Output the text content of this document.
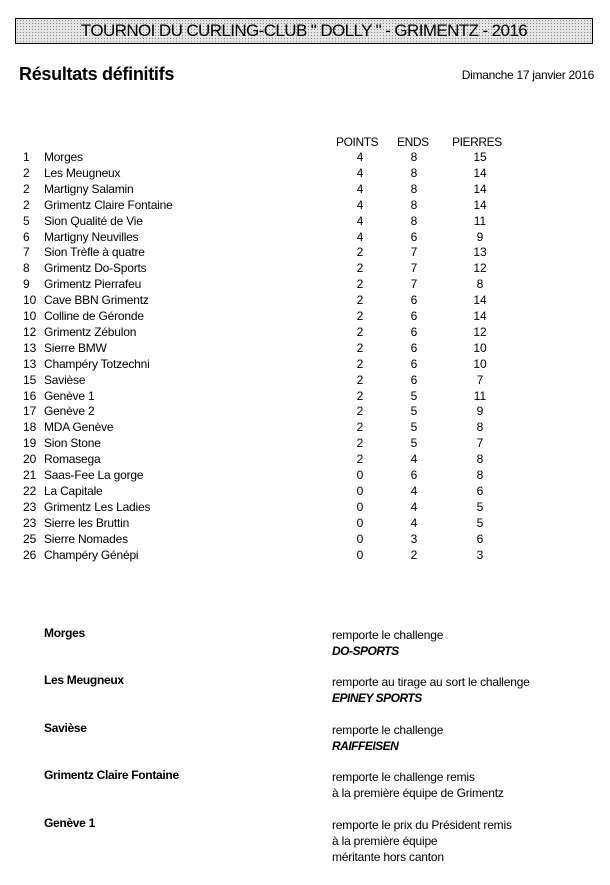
TOURNOI DU CURLING-CLUB " DOLLY " - GRIMENTZ - 2016
Résultats définitifs	Dimanche 17 janvier 2016
POINTS ENDS PIERRES
1 Morges	4	8	15
2 Les Meugneux	4	8	14
2 Martigny Salamin	4	8	14
2 Grimentz Claire Fontaine	4	8	14
5 Sion Qualité de Vie	4	8	11
6 Martigny Neuvilles	4	6	9
7 Sion Trèfle à quatre	2	7	13
8 Grimentz Do-Sports	2	7	12
9 Grimentz Pierrafeu	2	7	8
10 Cave BBN Grimentz	2	6	14
10 Colline de Géronde	2	6	14
12 Grimentz Zébulon	2	6	12
13 Sierre BMW	2	6	10
13 Champéry Totzechni	2	6	10
15 Savièse	2	6	7
16 Genève 1	2	5	11
17 Genève 2	2	5	9
18 MDA Genève	2	5	8
19 Sion Stone	2	5	7
20 Romasega	2	4	8
21 Saas-Fee La gorge	0	6	8
22 La Capitale	0	4	6
23 Grimentz Les Ladies	0	4	5
23 Sierre les Bruttin	0	4	5
25 Sierre Nomades	0	3	6
26 Champéry Génépi	0	2	3
Morges	remporte le challenge
DO-SPORTS
Les Meugneux	remporte au tirage au sort le challenge
EPINEY SPORTS
Savièse	remporte le challenge
RAIFFEISEN
Grimentz Claire Fontaine	remporte le challenge remis
à la première équipe de Grimentz
Genève 1	remporte le prix du Président remis
à la première équipe
méritante hors canton
